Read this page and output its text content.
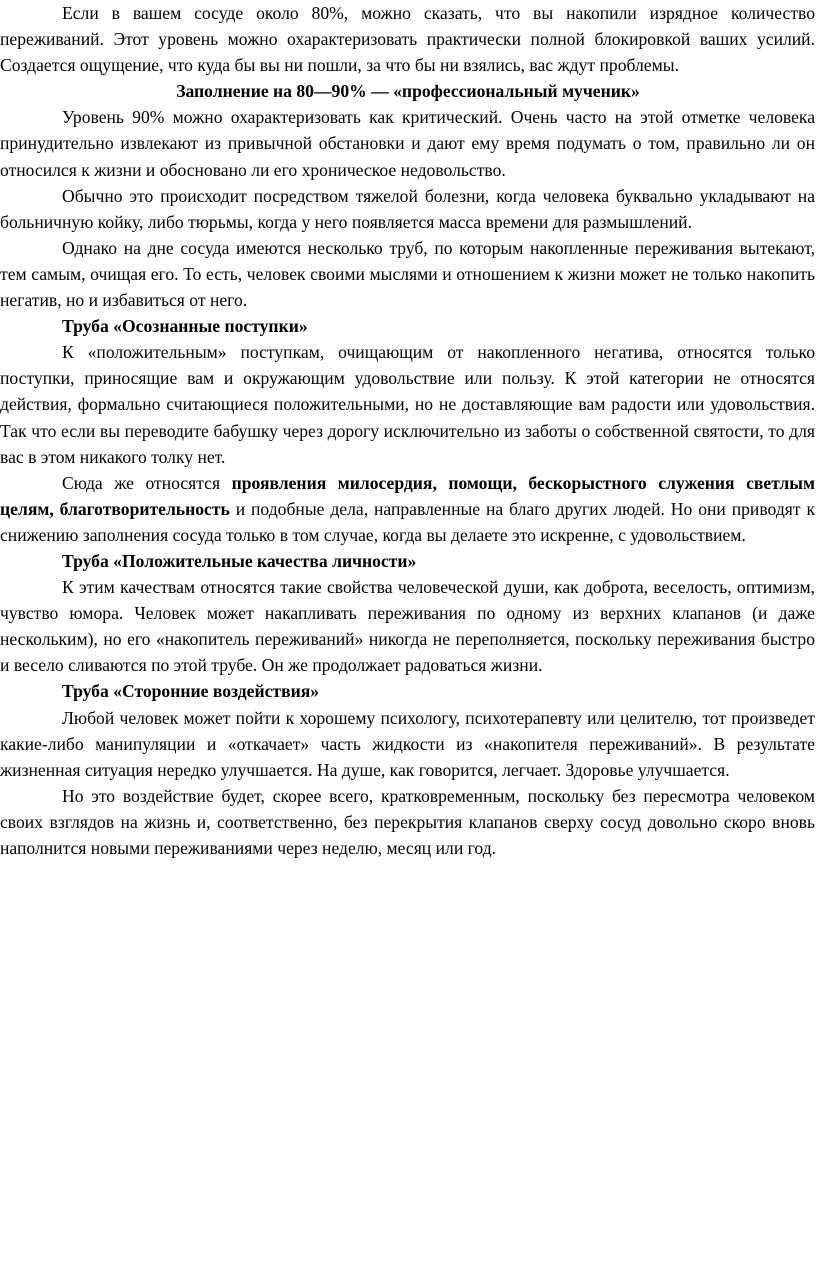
Если в вашем сосуде около 80%, можно сказать, что вы накопили изрядное количество переживаний. Этот уровень можно охарактеризовать практически полной блокировкой ваших усилий. Создается ощущение, что куда бы вы ни пошли, за что бы ни взялись, вас ждут проблемы.

Заполнение на 80—90% — «профессиональный мученик»

Уровень 90% можно охарактеризовать как критический. Очень часто на этой отметке человека принудительно извлекают из привычной обстановки и дают ему время подумать о том, правильно ли он относился к жизни и обосновано ли его хроническое недовольство.

Обычно это происходит посредством тяжелой болезни, когда человека буквально укладывают на больничную койку, либо тюрьмы, когда у него появляется масса времени для размышлений.

Однако на дне сосуда имеются несколько труб, по которым накопленные переживания вытекают, тем самым, очищая его. То есть, человек своими мыслями и отношением к жизни может не только накопить негатив, но и избавиться от него.

Труба «Осознанные поступки»

К «положительным» поступкам, очищающим от накопленного негатива, относятся только поступки, приносящие вам и окружающим удовольствие или пользу. К этой категории не относятся действия, формально считающиеся положительными, но не доставляющие вам радости или удовольствия. Так что если вы переводите бабушку через дорогу исключительно из заботы о собственной святости, то для вас в этом никакого толку нет.

Сюда же относятся проявления милосердия, помощи, бескорыстного служения светлым целям, благотворительность и подобные дела, направленные на благо других людей. Но они приводят к снижению заполнения сосуда только в том случае, когда вы делаете это искренне, с удовольствием.

Труба «Положительные качества личности»

К этим качествам относятся такие свойства человеческой души, как доброта, веселость, оптимизм, чувство юмора. Человек может накапливать переживания по одному из верхних клапанов (и даже нескольким), но его «накопитель переживаний» никогда не переполняется, поскольку переживания быстро и весело сливаются по этой трубе. Он же продолжает радоваться жизни.

Труба «Сторонние воздействия»

Любой человек может пойти к хорошему психологу, психотерапевту или целителю, тот произведет какие-либо манипуляции и «откачает» часть жидкости из «накопителя переживаний». В результате жизненная ситуация нередко улучшается. На душе, как говорится, легчает. Здоровье улучшается.

Но это воздействие будет, скорее всего, кратковременным, поскольку без пересмотра человеком своих взглядов на жизнь и, соответственно, без перекрытия клапанов сверху сосуд довольно скоро вновь наполнится новыми переживаниями через неделю, месяц или год.
